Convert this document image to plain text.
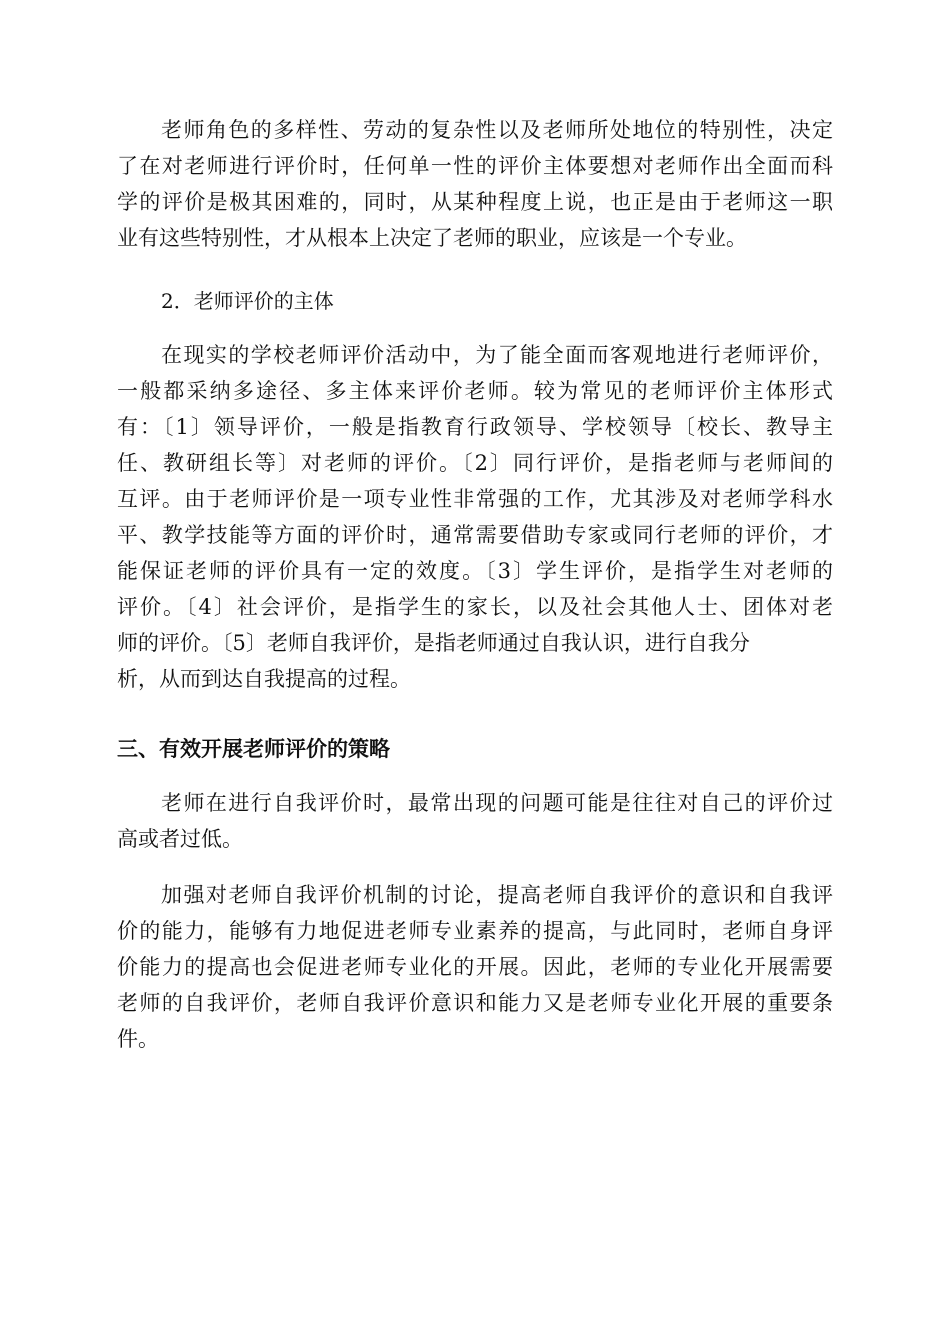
老师角色的多样性、劳动的复杂性以及老师所处地位的特别性，决定
了在对老师进行评价时，任何单一性的评价主体要想对老师作出全面而科
学的评价是极其困难的，同时，从某种程度上说，也正是由于老师这一职
业有这些特别性，才从根本上决定了老师的职业，应该是一个专业。

2．老师评价的主体

在现实的学校老师评价活动中，为了能全面而客观地进行老师评价，
一般都采纳多途径、多主体来评价老师。较为常见的老师评价主体形式
有：〔1〕领导评价，一般是指教育行政领导、学校领导〔校长、教导主
任、教研组长等〕对老师的评价。〔2〕同行评价，是指老师与老师间的
互评。由于老师评价是一项专业性非常强的工作，尤其涉及对老师学科水
平、教学技能等方面的评价时，通常需要借助专家或同行老师的评价，才
能保证老师的评价具有一定的效度。〔3〕学生评价，是指学生对老师的
评价。〔4〕社会评价，是指学生的家长，以及社会其他人士、团体对老
师的评价。〔5〕老师自我评价，是指老师通过自我认识，进行自我分
析，从而到达自我提高的过程。
三、有效开展老师评价的策略
老师在进行自我评价时，最常出现的问题可能是往往对自己的评价过
高或者过低。
加强对老师自我评价机制的讨论，提高老师自我评价的意识和自我评
价的能力，能够有力地促进老师专业素养的提高，与此同时，老师自身评
价能力的提高也会促进老师专业化的开展。因此，老师的专业化开展需要
老师的自我评价，老师自我评价意识和能力又是老师专业化开展的重要条
件。
